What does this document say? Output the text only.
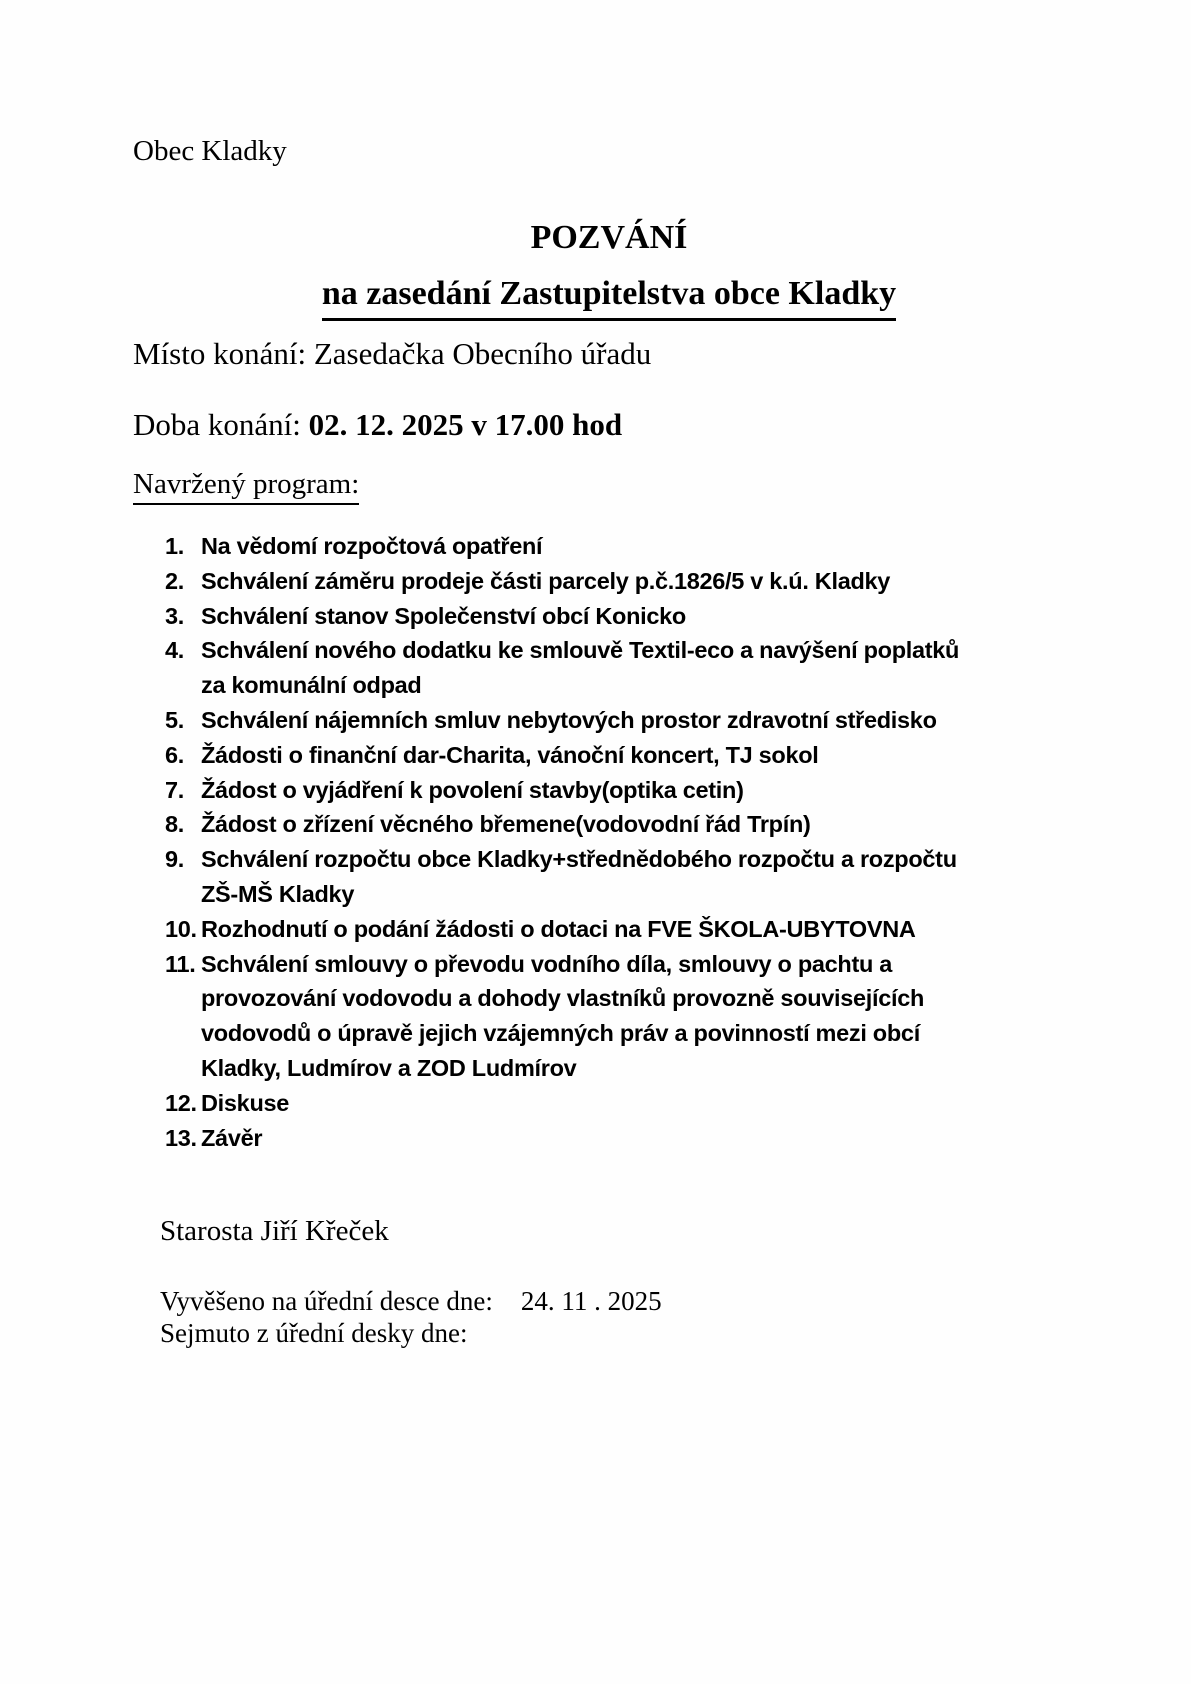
Obec Kladky
POZVÁNÍ
na zasedání Zastupitelstva obce Kladky
Místo konání: Zasedačka Obecního úřadu
Doba konání: 02. 12. 2025 v 17.00 hod
Navržený program:
1. Na vědomí rozpočtová opatření
2. Schválení záměru prodeje části parcely p.č.1826/5 v k.ú. Kladky
3. Schválení stanov Společenství obcí Konicko
4. Schválení nového dodatku ke smlouvě Textil-eco a navýšení poplatků
za komunální odpad
5. Schválení nájemních smluv nebytových prostor zdravotní středisko
6. Žádosti o finanční dar-Charita, vánoční koncert, TJ sokol
7. Žádost o vyjádření k povolení stavby(optika cetin)
8. Žádost o zřízení věcného břemene(vodovodní řád Trpín)
9. Schválení rozpočtu obce Kladky+střednědobého rozpočtu a rozpočtu
ZŠ-MŠ Kladky
10. Rozhodnutí o podání žádosti o dotaci na FVE ŠKOLA-UBYTOVNA
11. Schválení smlouvy o převodu vodního díla, smlouvy o pachtu a
provozování vodovodu a dohody vlastníků provozně souvisejících
vodovodů o úpravě jejich vzájemných práv a povinností mezi obcí
Kladky, Ludmírov a ZOD Ludmírov
12. Diskuse
13. Závěr
Starosta Jiří Křeček
Vyvěšeno na úřední desce dne: 24. 11 . 2025
Sejmuto z úřední desky dne:
